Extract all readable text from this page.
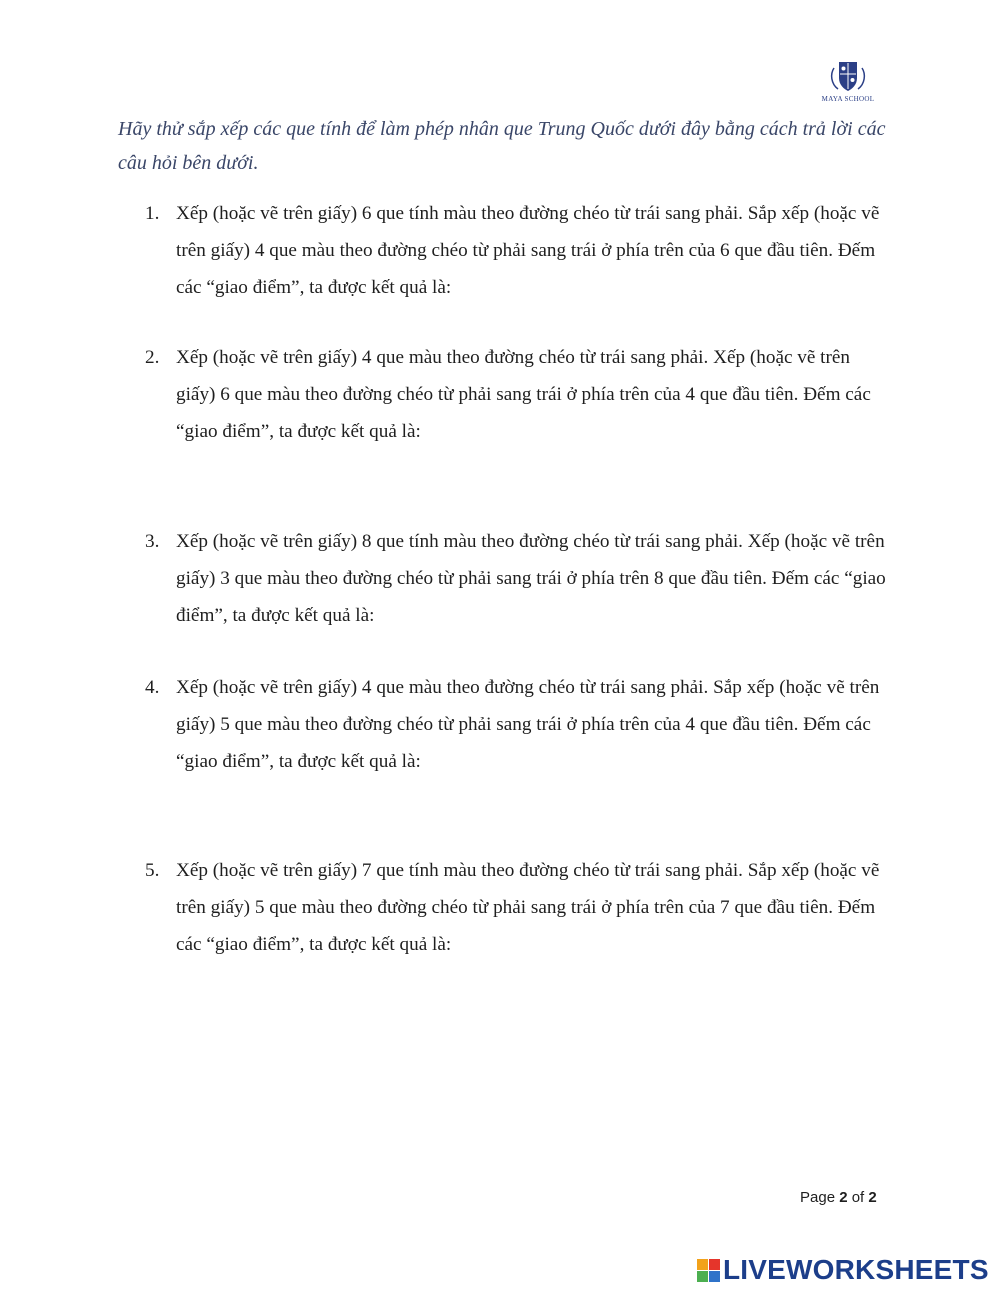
MAYA SCHOOL
Hãy thử sắp xếp các que tính để làm phép nhân que Trung Quốc dưới đây bằng cách trả lời các câu hỏi bên dưới.
1. Xếp (hoặc vẽ trên giấy) 6 que tính màu theo đường chéo từ trái sang phải. Sắp xếp (hoặc vẽ trên giấy) 4 que màu theo đường chéo từ phải sang trái ở phía trên của 6 que đầu tiên. Đếm các “giao điểm”, ta được kết quả là:
2. Xếp (hoặc vẽ trên giấy) 4 que màu theo đường chéo từ trái sang phải. Xếp (hoặc vẽ trên giấy) 6 que màu theo đường chéo từ phải sang trái ở phía trên của 4 que đầu tiên. Đếm các “giao điểm”, ta được kết quả là:
3. Xếp (hoặc vẽ trên giấy) 8 que tính màu theo đường chéo từ trái sang phải. Xếp (hoặc vẽ trên giấy) 3 que màu theo đường chéo từ phải sang trái ở phía trên 8 que đầu tiên. Đếm các “giao điểm”, ta được kết quả là:
4. Xếp (hoặc vẽ trên giấy) 4 que màu theo đường chéo từ trái sang phải. Sắp xếp (hoặc vẽ trên giấy) 5 que màu theo đường chéo từ phải sang trái ở phía trên của 4 que đầu tiên. Đếm các “giao điểm”, ta được kết quả là:
5. Xếp (hoặc vẽ trên giấy) 7 que tính màu theo đường chéo từ trái sang phải. Sắp xếp (hoặc vẽ trên giấy) 5 que màu theo đường chéo từ phải sang trái ở phía trên của 7 que đầu tiên. Đếm các “giao điểm”, ta được kết quả là:
Page 2 of 2
LIVEWORKSHEETS
